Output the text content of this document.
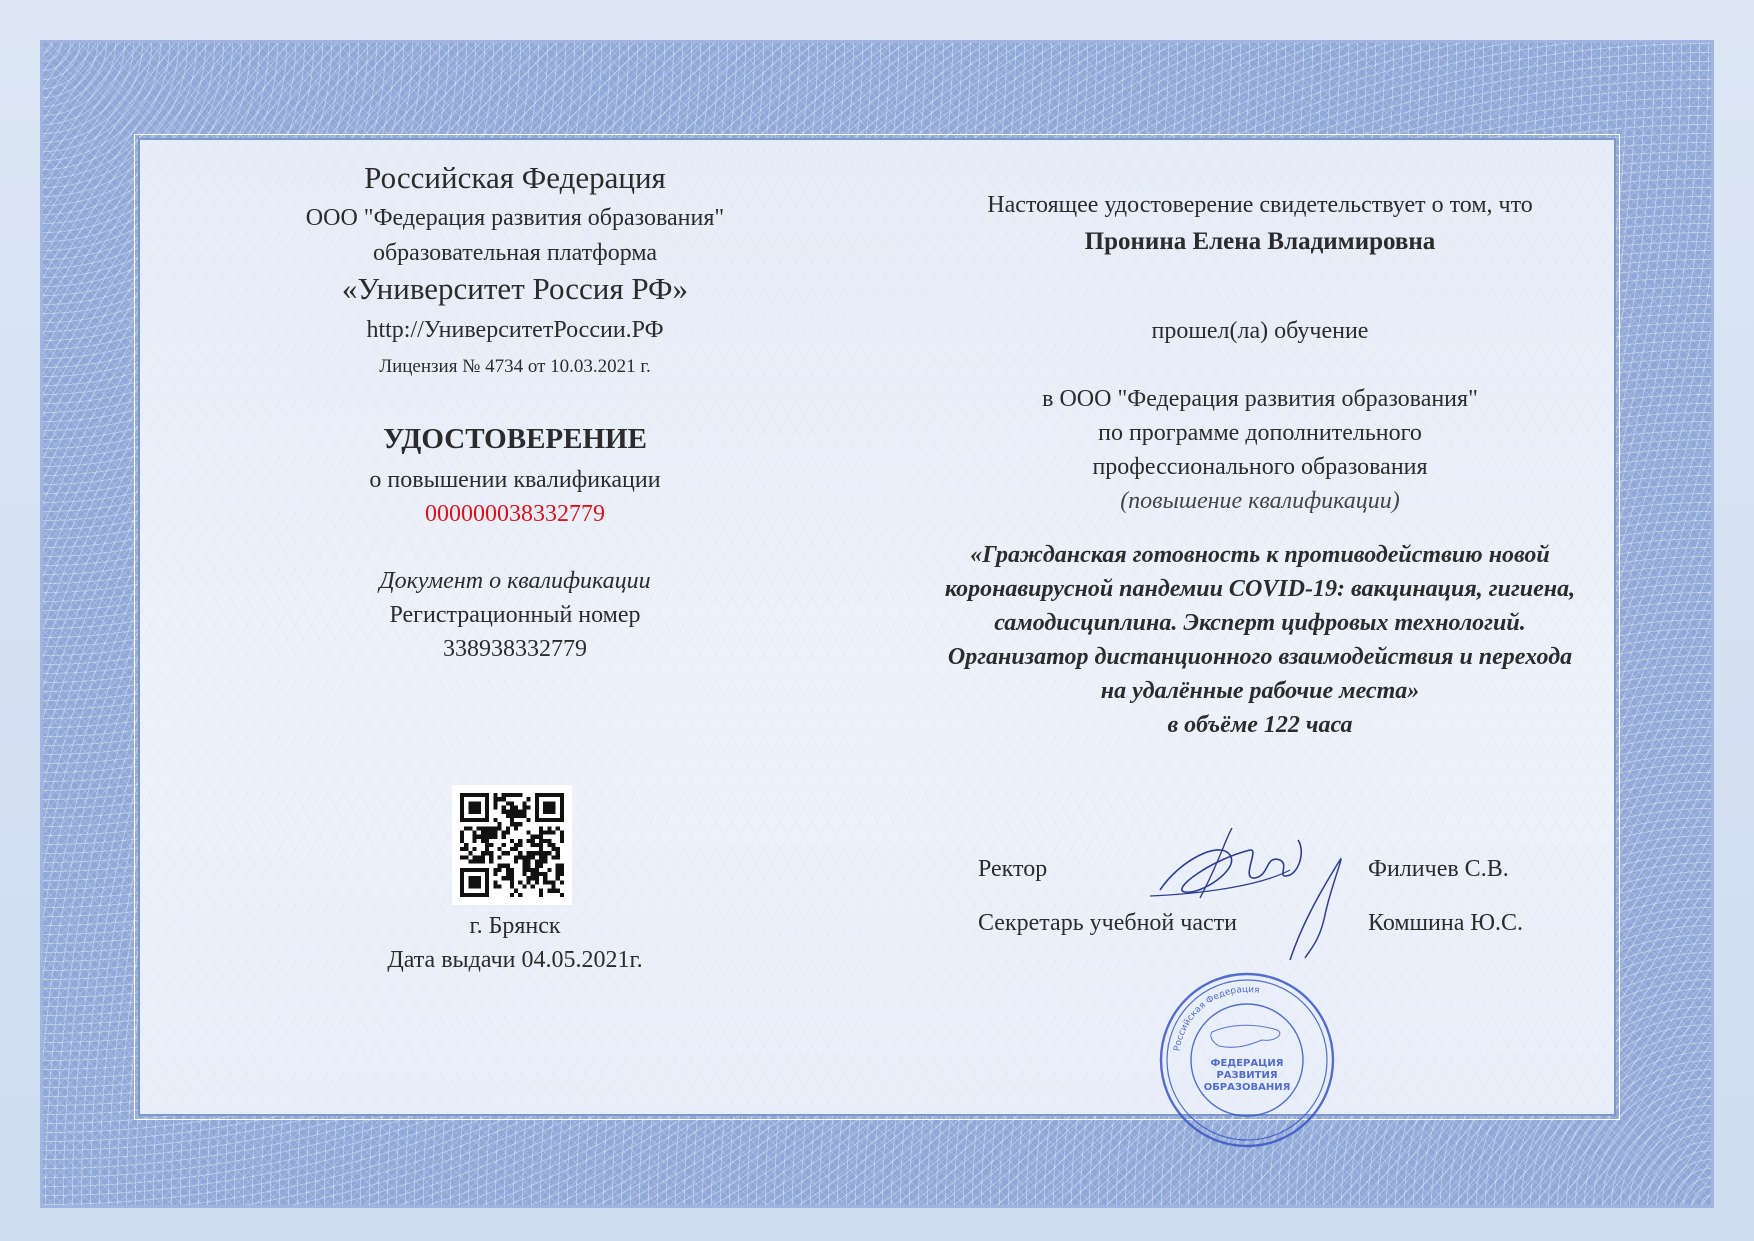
Российская Федерация
ООО "Федерация развития образования"
образовательная платформа
«Университет Россия РФ»
http://УниверситетРоссии.РФ
Лицензия № 4734 от 10.03.2021 г.
УДОСТОВЕРЕНИЕ
о повышении квалификации
000000038332779
Документ о квалификации
Регистрационный номер
338938332779
г. Брянск
Дата выдачи 04.05.2021г.
Настоящее удостоверение свидетельствует о том, что
Пронина Елена Владимировна
прошел(ла) обучение
в ООО "Федерация развития образования"
по программе дополнительного
профессионального образования
(повышение квалификации)
«Гражданская готовность к противодействию новой
коронавирусной пандемии COVID-19: вакцинация, гигиена,
самодисциплина. Эксперт цифровых технологий.
Организатор дистанционного взаимодействия и перехода
на удалённые рабочие места»
в объёме 122 часа
Ректор	Филичев С.В.
Секретарь учебной части	Комшина Ю.С.
Российская Федерация
ФЕДЕРАЦИЯ
РАЗВИТИЯ
ОБРАЗОВАНИЯ
